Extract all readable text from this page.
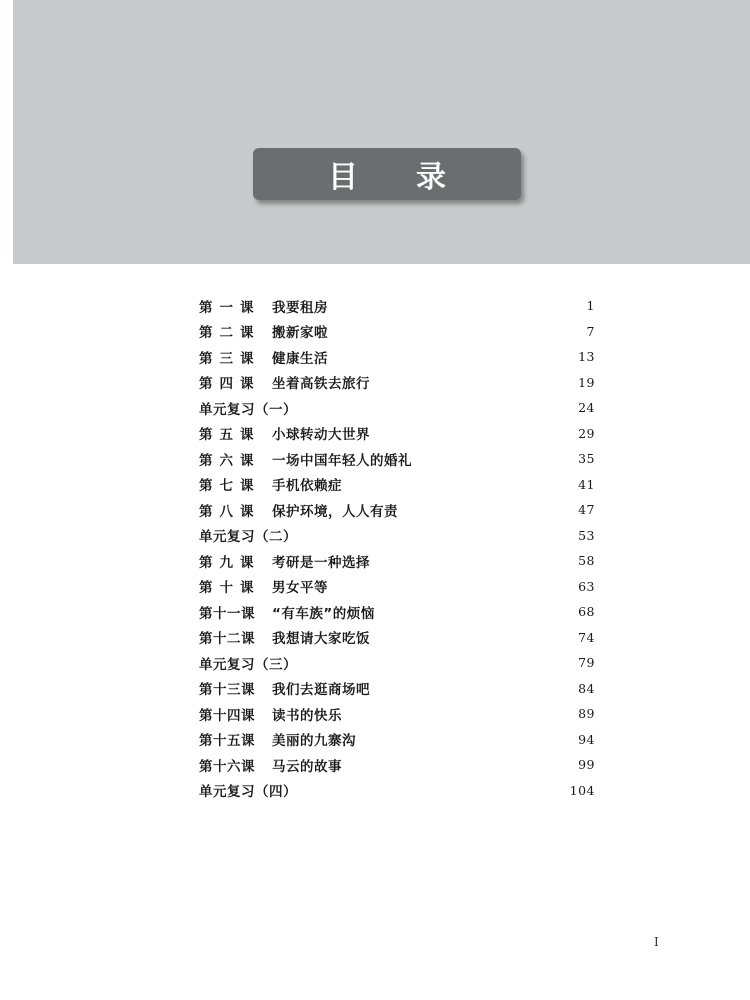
目 录
第一课 我要租房	1
第二课 搬新家啦	7
第三课 健康生活	13
第四课 坐着高铁去旅行	19
单元复习（一）	24
第五课 小球转动大世界	29
第六课 一场中国年轻人的婚礼	35
第七课 手机依赖症	41
第八课 保护环境，人人有责	47
单元复习（二）	53
第九课 考研是一种选择	58
第十课 男女平等	63
第十一课	“有车族”的烦恼	68
第十二课	我想请大家吃饭	74
单元复习（三）	79
第十三课	我们去逛商场吧	84
第十四课	读书的快乐	89
第十五课	美丽的九寨沟	94
第十六课	马云的故事	99
单元复习（四）	104
I
